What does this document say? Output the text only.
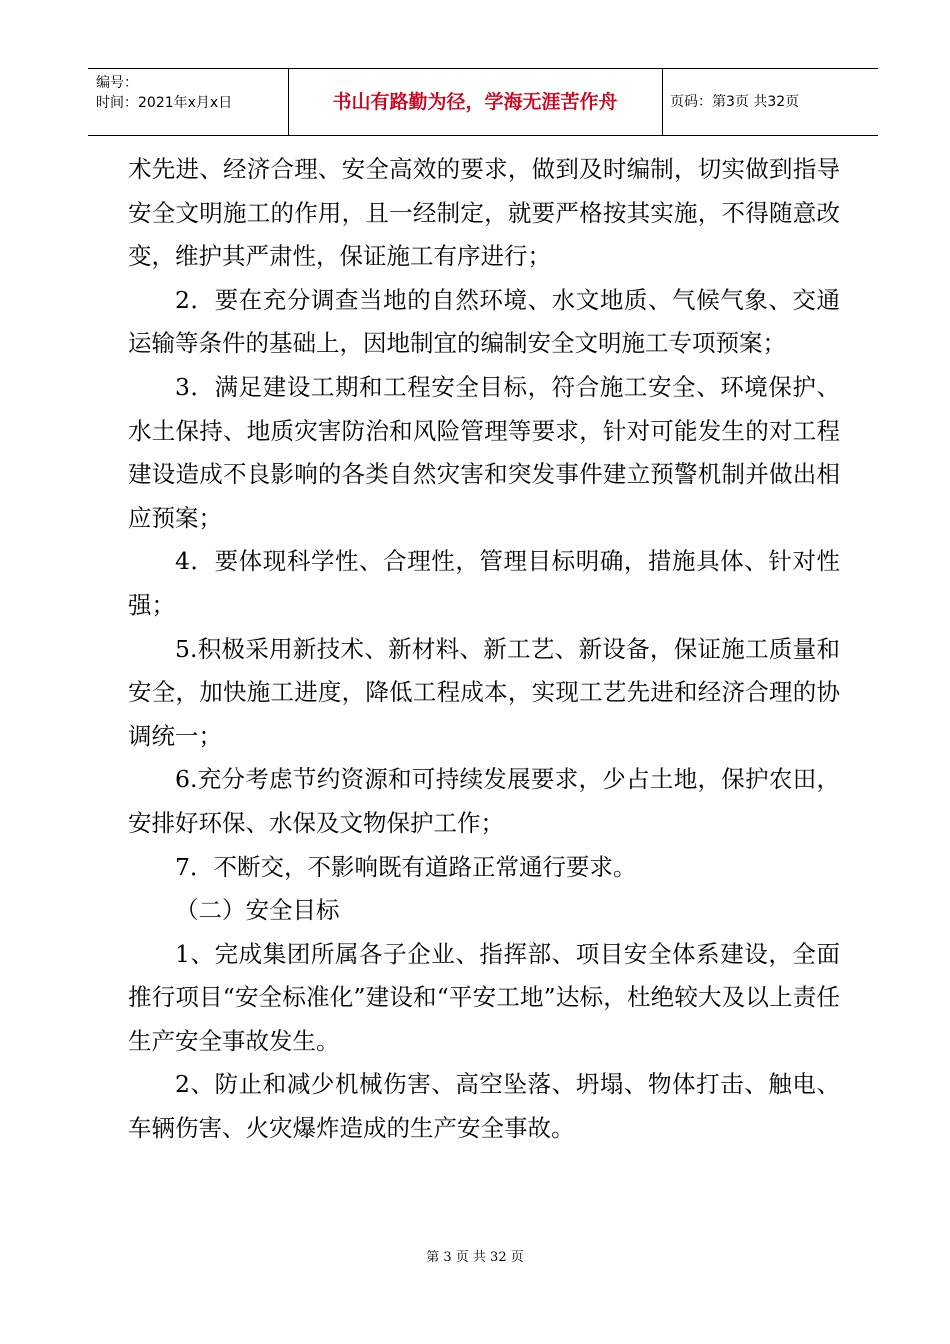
编号：
时间：2021年x月x日	书山有路勤为径，学海无涯苦作舟	页码：第3页 共32页

术先进、经济合理、安全高效的要求，做到及时编制，切实做到指导安全文明施工的作用，且一经制定，就要严格按其实施，不得随意改变，维护其严肃性，保证施工有序进行；

2．要在充分调查当地的自然环境、水文地质、气候气象、交通运输等条件的基础上，因地制宜的编制安全文明施工专项预案；

3．满足建设工期和工程安全目标，符合施工安全、环境保护、水土保持、地质灾害防治和风险管理等要求，针对可能发生的对工程建设造成不良影响的各类自然灾害和突发事件建立预警机制并做出相应预案；

4．要体现科学性、合理性，管理目标明确，措施具体、针对性强；

5.积极采用新技术、新材料、新工艺、新设备，保证施工质量和安全，加快施工进度，降低工程成本，实现工艺先进和经济合理的协调统一；

6.充分考虑节约资源和可持续发展要求，少占土地，保护农田，安排好环保、水保及文物保护工作；

7．不断交，不影响既有道路正常通行要求。

（二）安全目标

1、完成集团所属各子企业、指挥部、项目安全体系建设，全面推行项目“安全标准化”建设和“平安工地”达标，杜绝较大及以上责任生产安全事故发生。

2、防止和减少机械伤害、高空坠落、坍塌、物体打击、触电、车辆伤害、火灾爆炸造成的生产安全事故。

第 3 页 共 32 页
